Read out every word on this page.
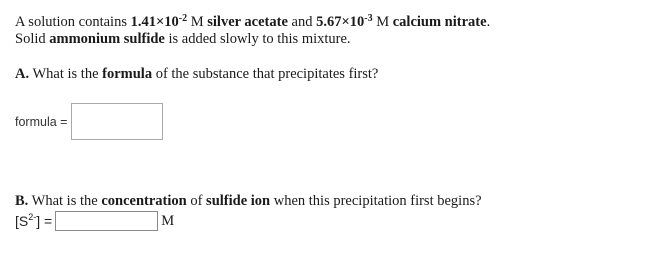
A solution contains $1.41\times 10^{-2}$ M silver acetate and $5.67\times 10^{-3}$ M calcium nitrate.
Solid ammonium sulfide is added slowly to this mixture.
A. What is the formula of the substance that precipitates first?
formula =
B. What is the concentration of sulfide ion when this precipitation first begins?
$[S^{2-}]$ =	M
